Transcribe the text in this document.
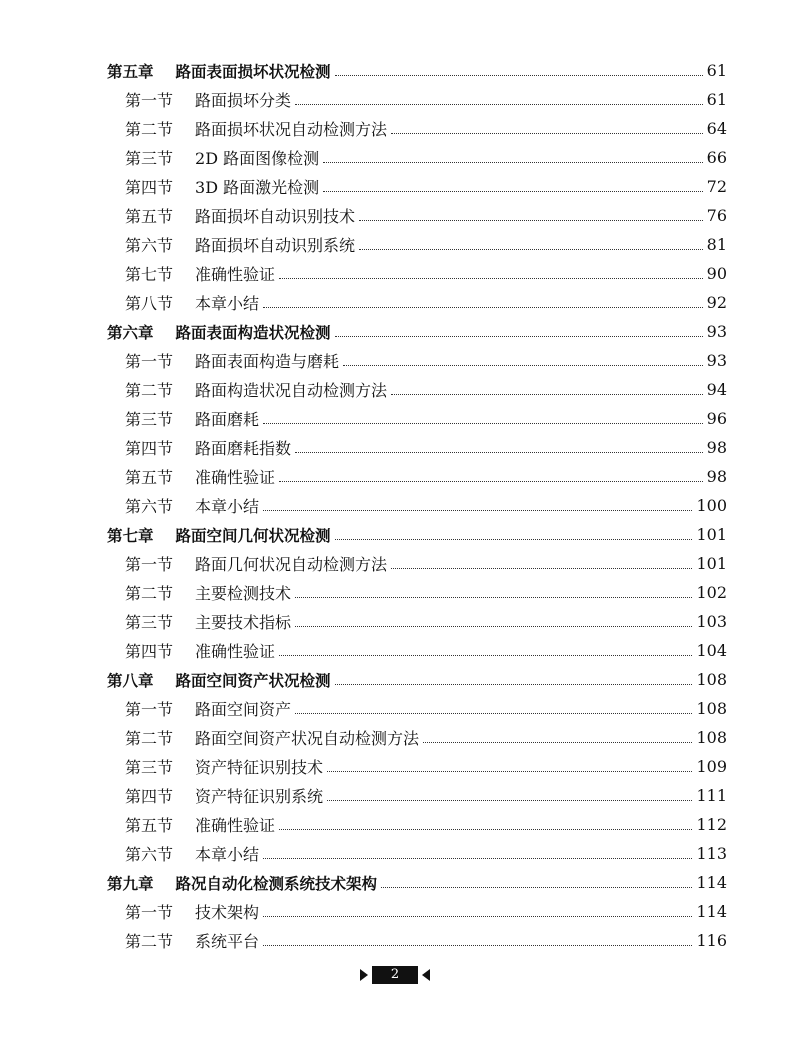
第五章 路面表面损坏状况检测	61
第一节 路面损坏分类	61
第二节 路面损坏状况自动检测方法	64
第三节 2D 路面图像检测	66
第四节 3D 路面激光检测	72
第五节 路面损坏自动识别技术	76
第六节 路面损坏自动识别系统	81
第七节 准确性验证	90
第八节 本章小结	92
第六章 路面表面构造状况检测	93
第一节 路面表面构造与磨耗	93
第二节 路面构造状况自动检测方法	94
第三节 路面磨耗	96
第四节 路面磨耗指数	98
第五节 准确性验证	98
第六节 本章小结	100
第七章 路面空间几何状况检测	101
第一节 路面几何状况自动检测方法	101
第二节 主要检测技术	102
第三节 主要技术指标	103
第四节 准确性验证	104
第八章 路面空间资产状况检测	108
第一节 路面空间资产	108
第二节 路面空间资产状况自动检测方法	108
第三节 资产特征识别技术	109
第四节 资产特征识别系统	111
第五节 准确性验证	112
第六节 本章小结	113
第九章 路况自动化检测系统技术架构	114
第一节 技术架构	114
第二节 系统平台	116
2
